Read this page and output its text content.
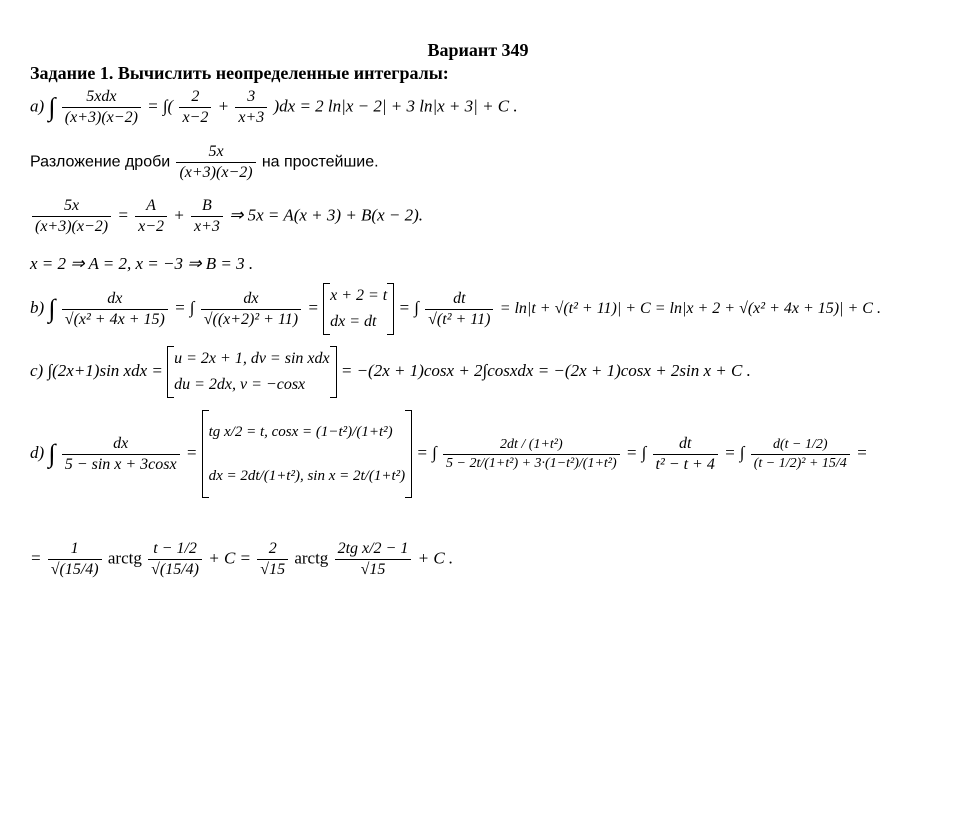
Вариант 349
Задание 1. Вычислить неопределенные интегралы:
a) ∫ $\frac{\text{5xdx}}{(x+3)(x-2)}$ = ∫( $\frac{2}{x-2} + \frac{3}{x+3} )dx = 2$ ln|x − 2| + 3 ln|x + 3| + C .
Разложение дроби $\frac{5x}{(x+3)(x-2)}$ на простейшие.
$\frac{5x}{(x+3)(x-2)} = \frac{A}{x-2} + \frac{B}{x+3}$ ⇒ 5x = A(x + 3) + B(x − 2).
x = 2 ⇒ A = 2, x = −3 ⇒ B = 3 .
b) ∫ $\frac{dx}{\text{√(x² + 4x + 15)}}$ = ∫ $\frac{dx}{\text{√((x+2)² + 11)}}$ =
x + 2 = t
dx = dt
= ∫ $\frac{dt}{\text{√(t² + 11)}} = \ln|t + √(t^2 + 11)| + C = \ln|x + 2 + √(x^2 + 4x + 15)| + C$ .
c) ∫(2x+1)sin xdx =
u = 2x + 1, dv = sin xdx
du = 2dx, v = −cosx
= −(2x + 1)cosx + 2∫cosxdx = −(2x + 1)cosx + 2sin x + C .
d) ∫ $\frac{dx}{\text{5 − sin x + 3cosx}}$ =
tg x/2 = t, cosx = (1−t²)/(1+t²)
dx = 2dt/(1+t²), sin x = 2t/(1+t²)
= ∫ $\frac{\text{2dt / (1+t²)}}{\text{5 − 2t/(1+t²) + 3·(1−t²)/(1+t²)}}$ = ∫ $\frac{dt}{\text{t² − t + 4}}$ = ∫ $\frac{d(t - 1/2)}{\text{(t − 1/2)² + 15/4}}$ =
= $\frac{1}{√(15/4)}$ arctg $\frac{t - 1/2}{√(15/4)} + C = \frac{2}{√15}$ arctg $\frac{\text{2tg x/2 − 1}}{√15} + C$ .
